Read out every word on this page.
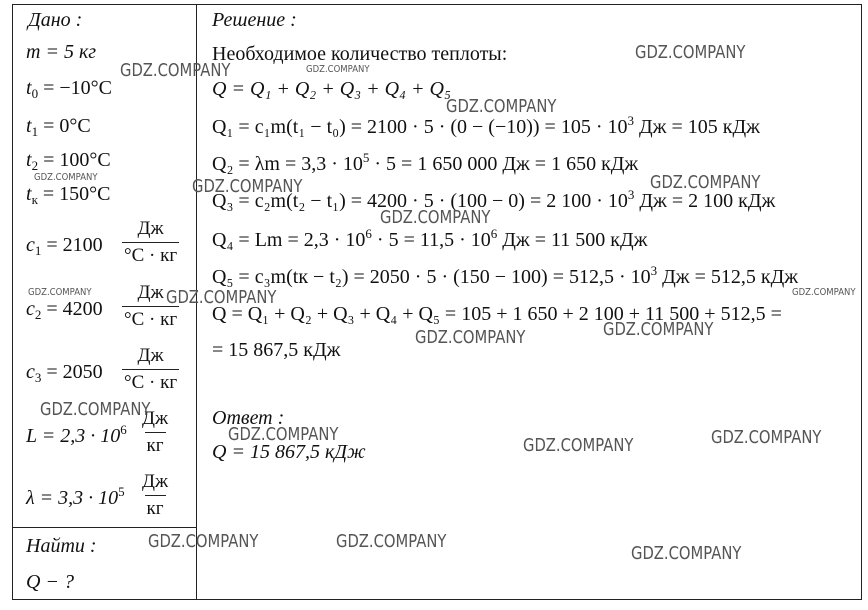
Дано :
m = 5 кг
$t_0 = -10^\circ C$
$t_1 = 0^\circ C$
$t_2 = 100^\circ C$
$t_к = 150^\circ C$
$c_1 = 2100$
Дж
°C · кг
$c_2 = 4200$
Дж
°C · кг
$c_3 = 2050$
Дж
°C · кг
$L = 2,3 \cdot 10^6$
Дж
кг
$\lambda = 3,3 \cdot 10^5$ Дж
кг
Найти :
Q − ?
Решение :
Необходимое количество теплоты:
Q = Q₁ + Q₂ + Q₃ + Q₄ + Q₅
$Q_1 = c_1m(t_1 - t_0) = 2100 \cdot 5 \cdot (0 - (-10)) = 105 \cdot 10^3$ Дж = 105 кДж
$Q_2 = \lambda m = 3,3 \cdot 10^5 \cdot 5 = 1$ 650 000 Дж = 1 650 кДж
Q₃ = c₂m(t₂ − t₁) = 4200 · 5 · (100 − 0) = 2 $100 \cdot 10^3$ Дж = 2 100 кДж
$Q_4 = Lm = 2,3 \cdot 10^6 \cdot 5 = 11,5 \cdot 10^6$ Дж = 11 500 кДж
$Q_5 = c_3m(tк - t_2) = 2050 \cdot 5 \cdot (150 - 100) = 512,5 \cdot 10^3$ Дж = 512,5 кДж
Q = Q₁ + Q₂ + Q₃ + Q₄ + Q₅ = 105 + 1 650 + 2 100 + 11 500 + 512,5 =
= 15 867,5 кДж
Ответ :
Q = 15 867,5 кДж
GDZ.COMPANY
GDZ.COMPANY	GDZ.COMPANY
GDZ.COMPANY
GDZ.COMPANY	GDZ.COMPANY	GDZ.COMPANY
GDZ.COMPANY
GDZ.COMPANY	GDZ.COMPANY	GDZ.COMPANY
GDZ.COMPANY
GDZ.COMPANY
GDZ.COMPANY
GDZ.COMPANY	GDZ.COMPANY
GDZ.COMPANY
GDZ.COMPANY	GDZ.COMPANY
GDZ.COMPANY
